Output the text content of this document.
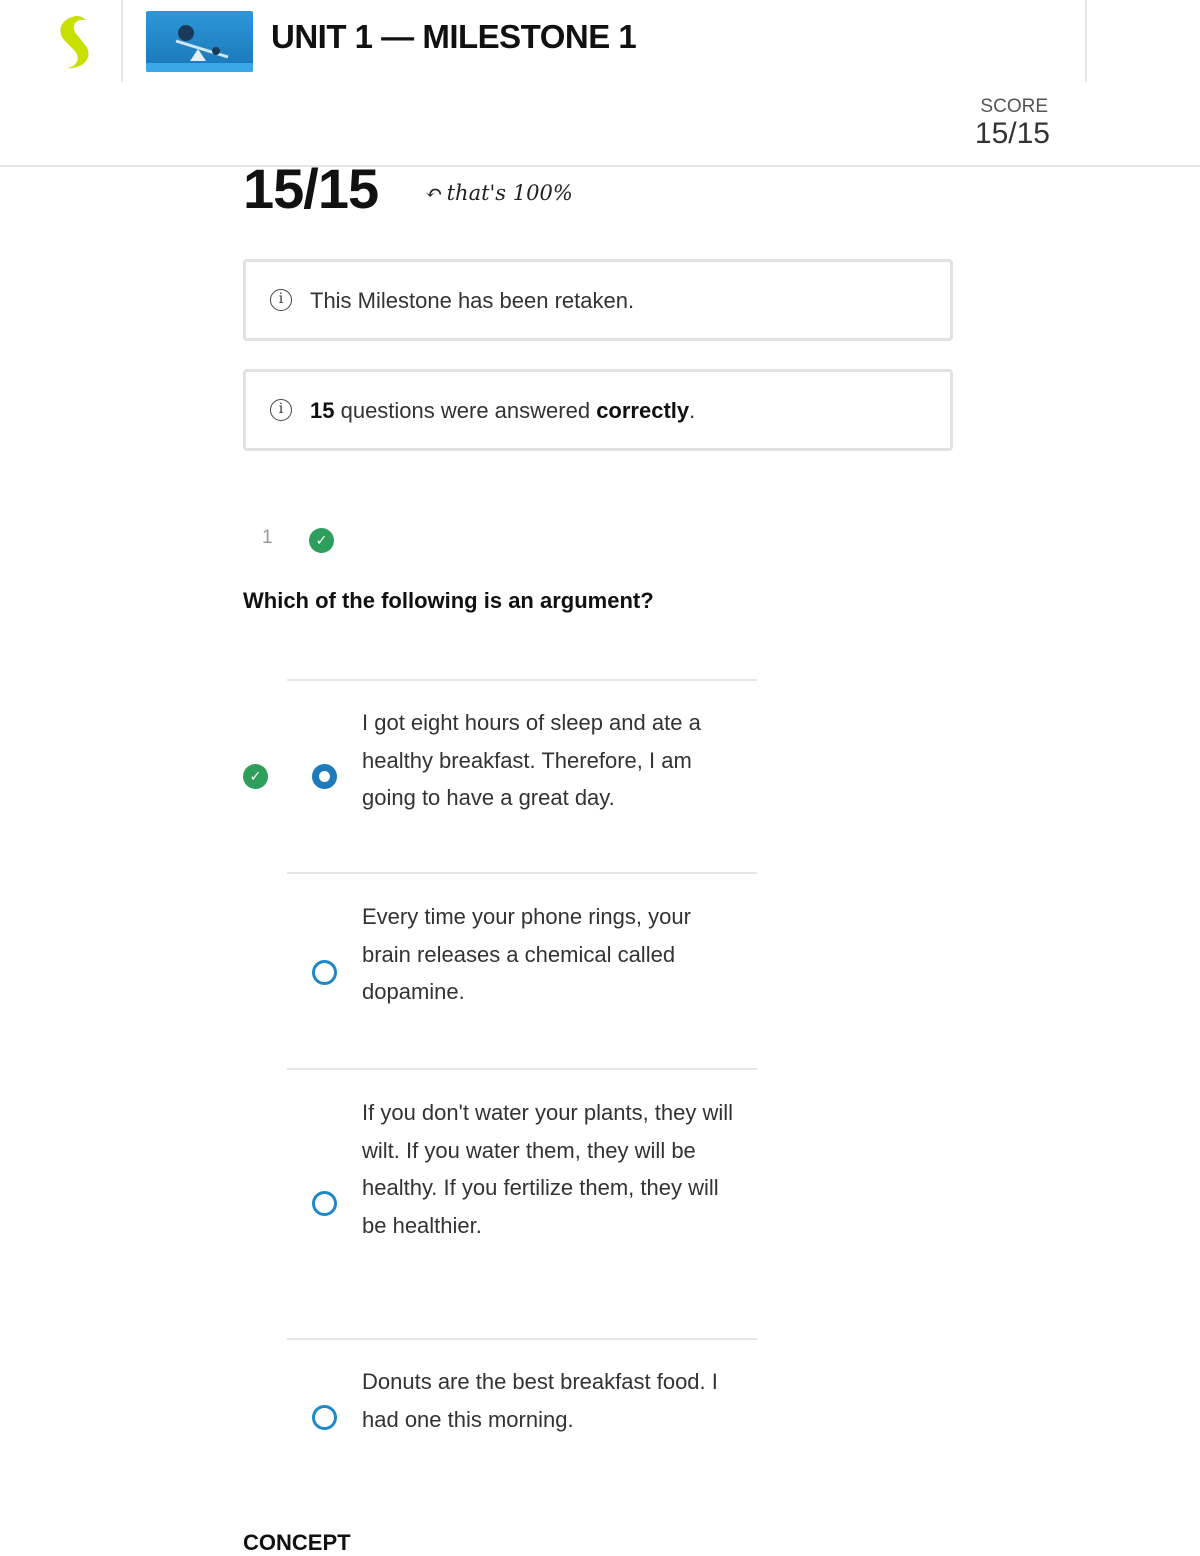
UNIT 1 — MILESTONE 1
SCORE
15/15
15/15 ↶ that's 100%
i	This Milestone has been retaken.
i	15 questions were answered correctly.
1	✓
Which of the following is an argument?
✓
I got eight hours of sleep and ate a healthy breakfast. Therefore, I am going to have a great day.
Every time your phone rings, your brain releases a chemical called dopamine.
If you don't water your plants, they will wilt. If you water them, they will be healthy. If you fertilize them, they will be healthier.
Donuts are the best breakfast food. I had one this morning.
CONCEPT
